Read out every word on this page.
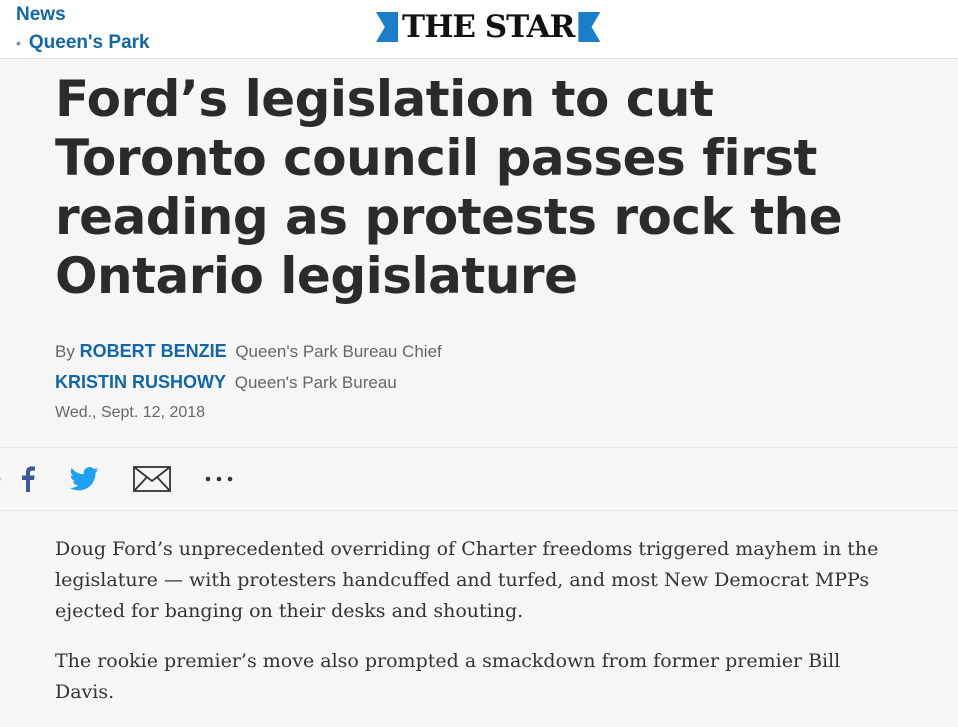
News
• Queen's Park	THE STAR
Ford’s legislation to cut Toronto council passes first reading as protests rock the Ontario legislature
By ROBERT BENZIE Queen's Park Bureau Chief
KRISTIN RUSHOWY Queen's Park Bureau
Wed., Sept. 12, 2018

Doug Ford’s unprecedented overriding of Charter freedoms triggered mayhem in the legislature — with protesters handcuffed and turfed, and most New Democrat MPPs ejected for banging on their desks and shouting.

The rookie premier’s move also prompted a smackdown from former premier Bill Davis.
